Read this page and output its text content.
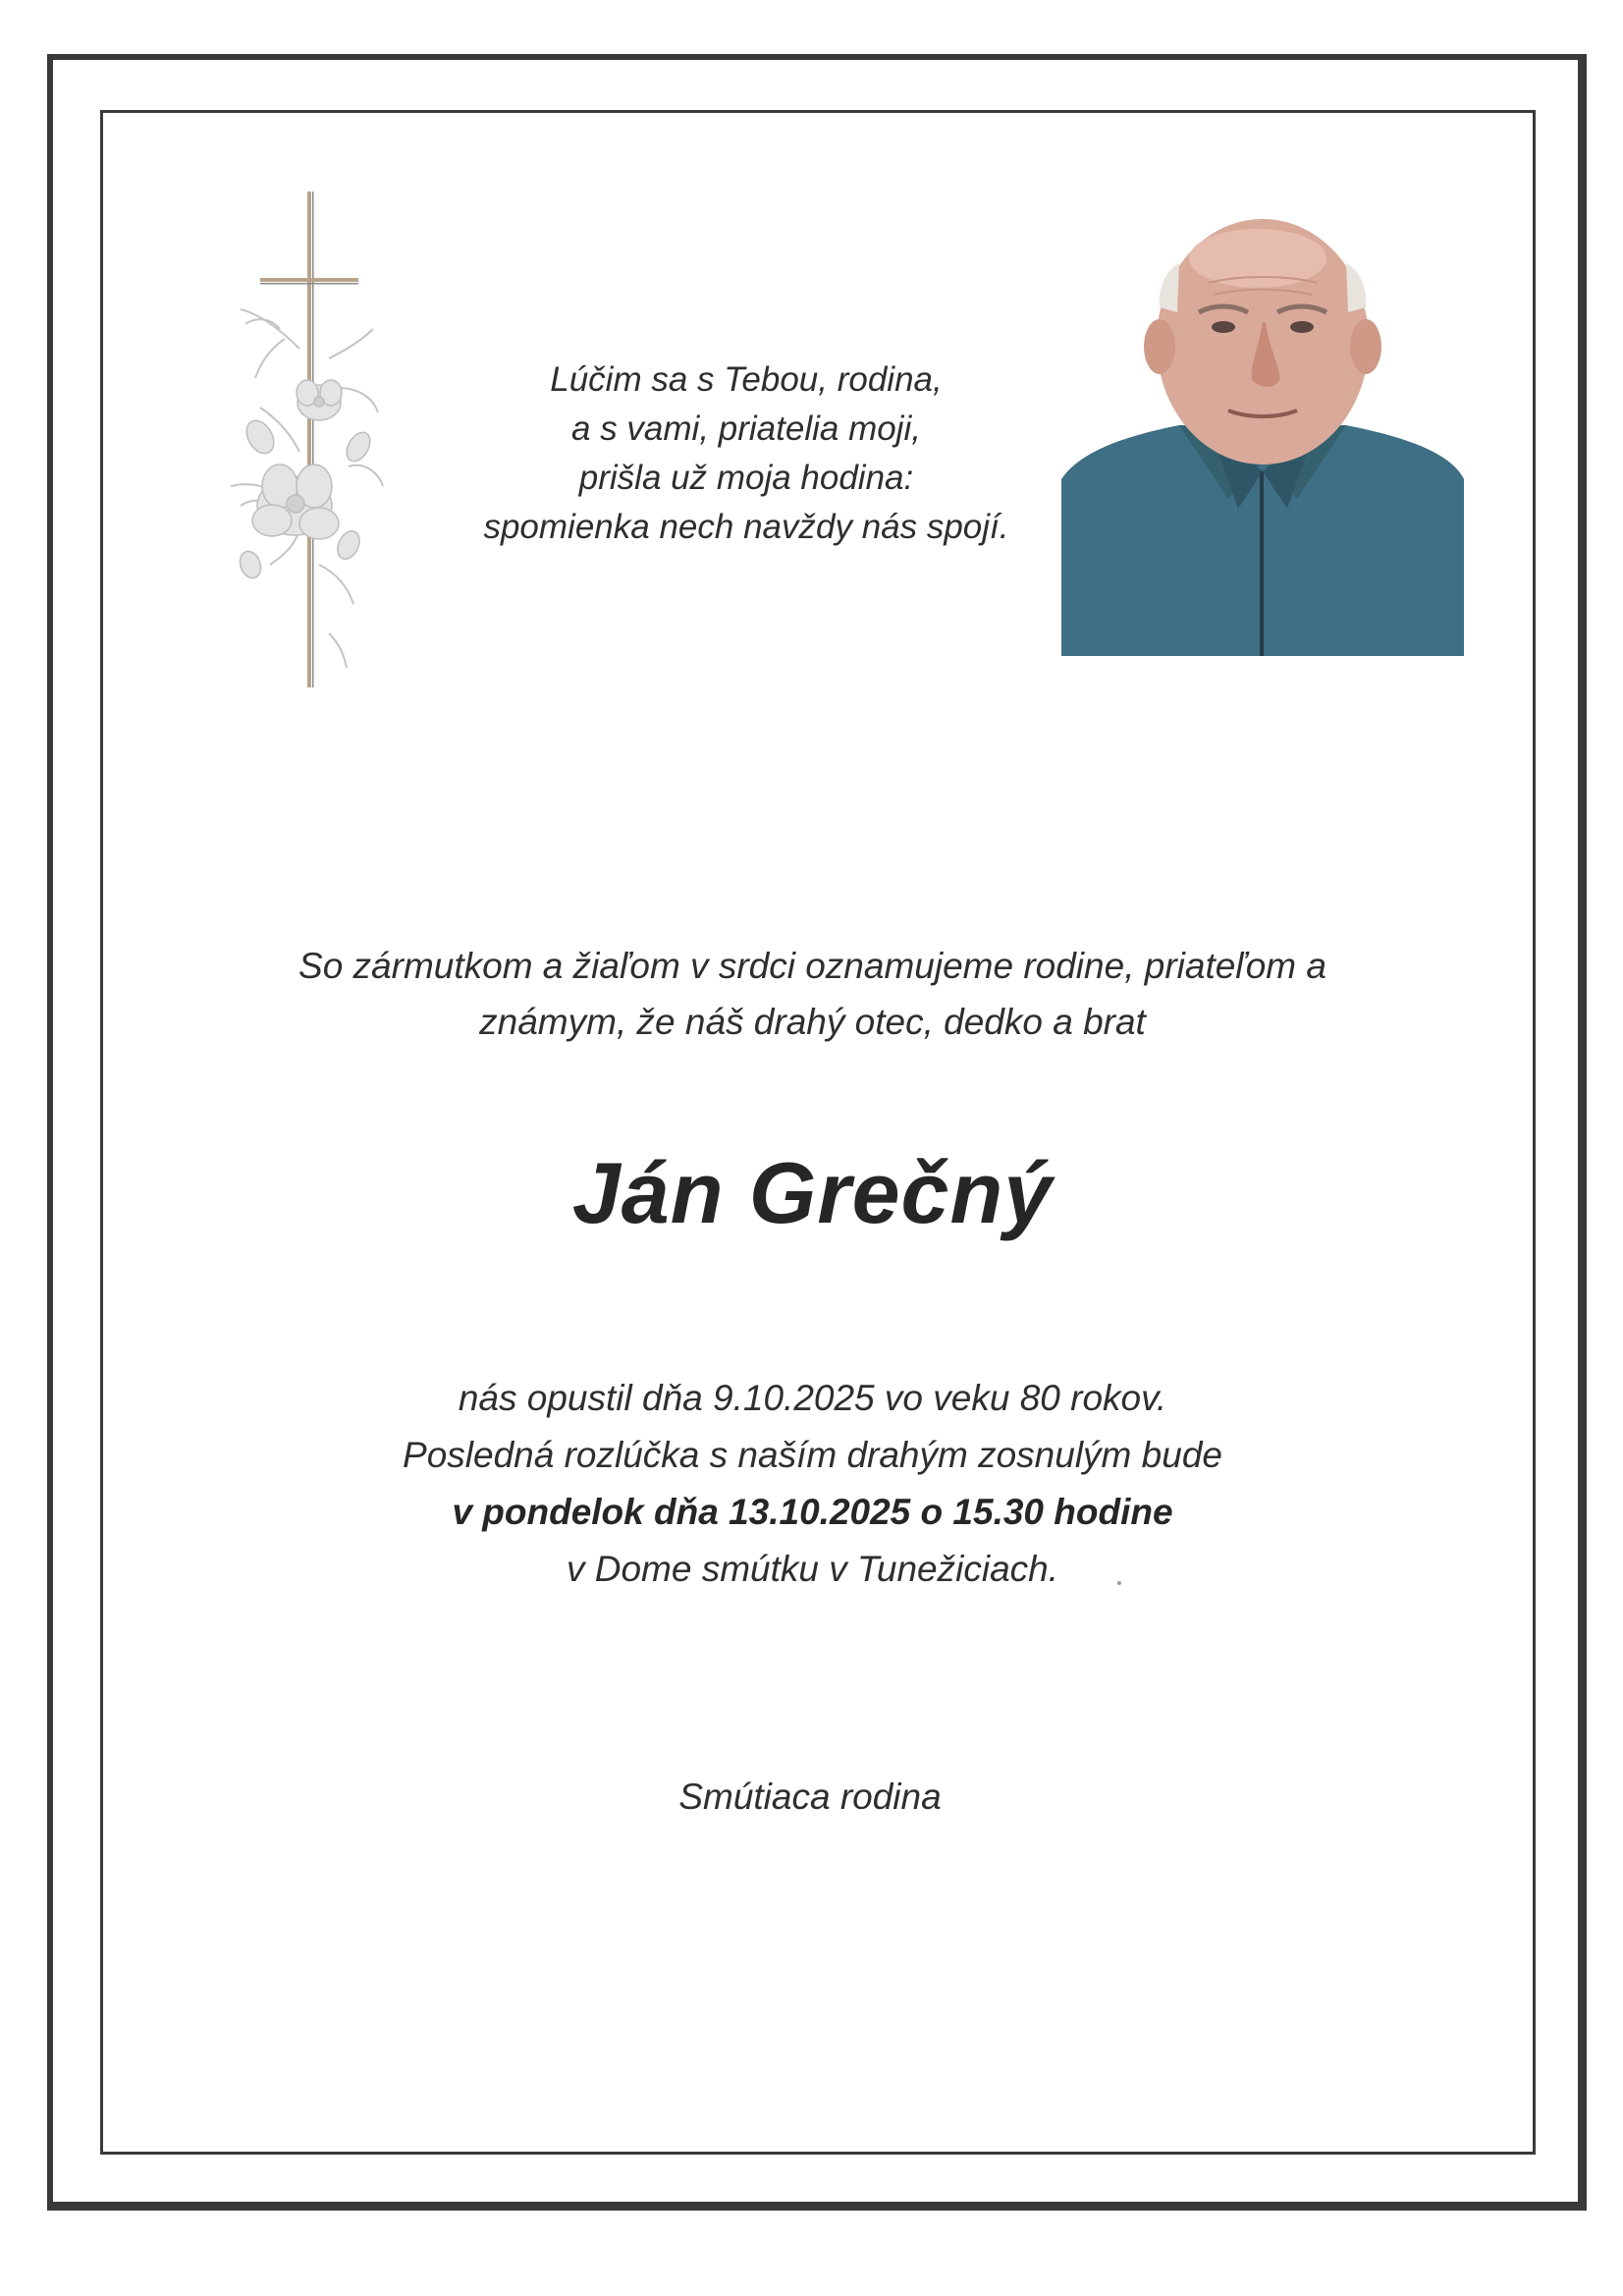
Lúčim sa s Tebou, rodina,
a s vami, priatelia moji,
prišla už moja hodina:
spomienka nech navždy nás spojí.
So zármutkom a žiaľom v srdci oznamujeme rodine, priateľom a
známym, že náš drahý otec, dedko a brat
Ján Grečný
nás opustil dňa 9.10.2025 vo veku 80 rokov.
Posledná rozlúčka s naším drahým zosnulým bude
v pondelok dňa 13.10.2025 o 15.30 hodine
v Dome smútku v Tunežiciach.
Smútiaca rodina
